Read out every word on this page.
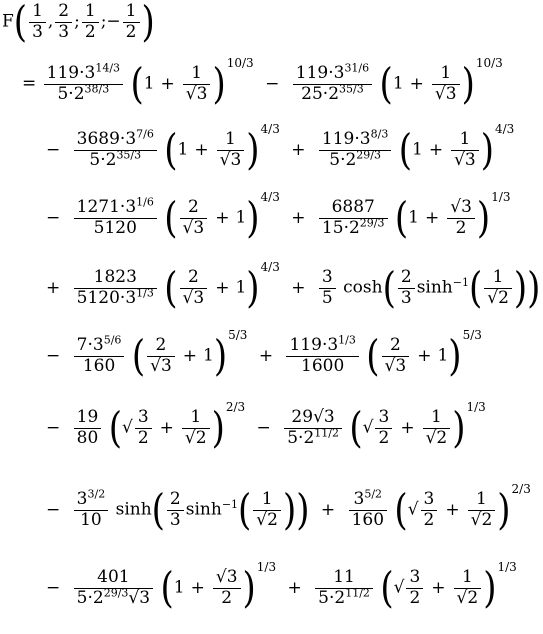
$F( \frac{1}{3}$ , $\frac{2}{3}$ ; $\frac{1}{2}$ ;− $\frac{1}{2}$ )
= $\frac{119\cdot 3^{14/3}}{5\cdot 2^{38/3}} (1 + \frac{1}{√3} )^{10/3} - \frac{119\cdot 3^{31/6}}{25\cdot 2^{35/3}} (1 + \frac{1}{√3} )^{10/3}$
− $\frac{3689\cdot 3^{7/6}}{5\cdot 2^{35/3}} (1 + \frac{1}{√3} )^{4/3} + \frac{119\cdot 3^{8/3}}{5\cdot 2^{29/3}} (1 + \frac{1}{√3} )^{4/3}$
− $\frac{1271\cdot 3^{1/6}}{5120}$ ( $\frac{2}{√3} + 1)^{4/3} + \frac{6887}{15\cdot 2^{29/3}} (1 + \frac{√3}{2} )^{1/3}$
+ $\frac{1823}{5120\cdot 3^{1/3}}$ ( $\frac{2}{√3} + 1)^{4/3} + \frac{3}{5} \cosh( \frac{2}{3} \sinh^{-1}( \frac{1}{√2}$ ))
− $\frac{7\cdot 3^{5/6}}{160}$ ( $\frac{2}{√3} + 1)^{5/3} + \frac{119\cdot 3^{1/3}}{1600}$ ( $\frac{2}{√3} + 1)^{5/3}$
− $\frac{19}{80}$ (√ $\frac{3}{2} + \frac{1}{√2} )^{2/3} - \frac{29√3}{5\cdot 2^{11/2}}$ (√ $\frac{3}{2} + \frac{1}{√2} )^{1/3}$
− $\frac{3^{3/2}}{10} \sinh( \frac{2}{3} \sinh^{-1}( \frac{1}{√2}$ )) + $\frac{3^{5/2}}{160}$ (√ $\frac{3}{2} + \frac{1}{√2} )^{2/3}$
− $\frac{401}{5\cdot 2^{29/3}√3} (1 + \frac{√3}{2} )^{1/3} + \frac{11}{5\cdot 2^{11/2}}$ (√ $\frac{3}{2} + \frac{1}{√2} )^{1/3}$
